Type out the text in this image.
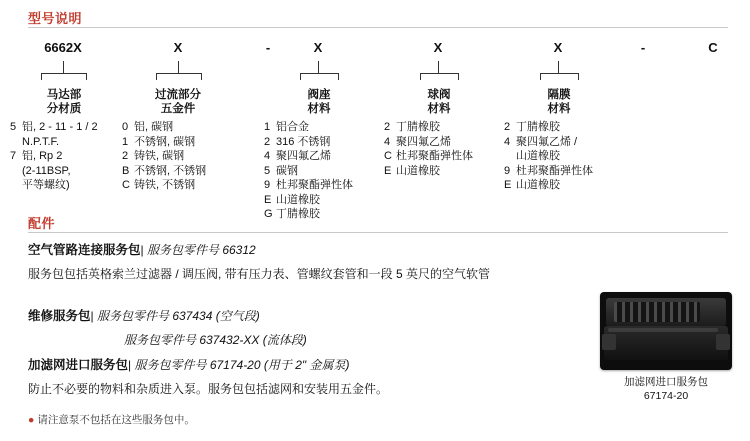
型号说明
6662X	X	-	X	X	X	-	C
马达部
分材质
5 铝, 2 - 11 - 1 / 2
N.P.T.F.
7 铝, Rp 2
(2-11BSP,
平等螺纹)
过流部分
五金件
0 铝, 碳钢
1 不锈钢, 碳钢
2 铸铁, 碳钢
B 不锈钢, 不锈钢
C 铸铁, 不锈钢
阀座
材料
1 铝合金
2 316 不锈钢
4 聚四氟乙烯
5 碳钢
9 杜邦聚酯弹性体
E 山道橡胶
G 丁腈橡胶
球阀
材料
2 丁腈橡胶
4 聚四氟乙烯
C 杜邦聚酯弹性体
E 山道橡胶
隔膜
材料
2 丁腈橡胶
4 聚四氟乙烯 /
山道橡胶
9 杜邦聚酯弹性体
E 山道橡胶
配件
空气管路连接服务包| 服务包零件号 66312
服务包包括英格索兰过滤器 / 调压阀, 带有压力表、管螺纹套管和一段 5 英尺的空气软管
维修服务包| 服务包零件号 637434 (空气段)
服务包零件号 637432-XX (流体段)
加滤网进口服务包| 服务包零件号 67174-20 (用于 2" 金属泵)
防止不必要的物料和杂质进入泵。服务包包括滤网和安装用五金件。
● 请注意泵不包括在这些服务包中。
加滤网进口服务包
67174-20
